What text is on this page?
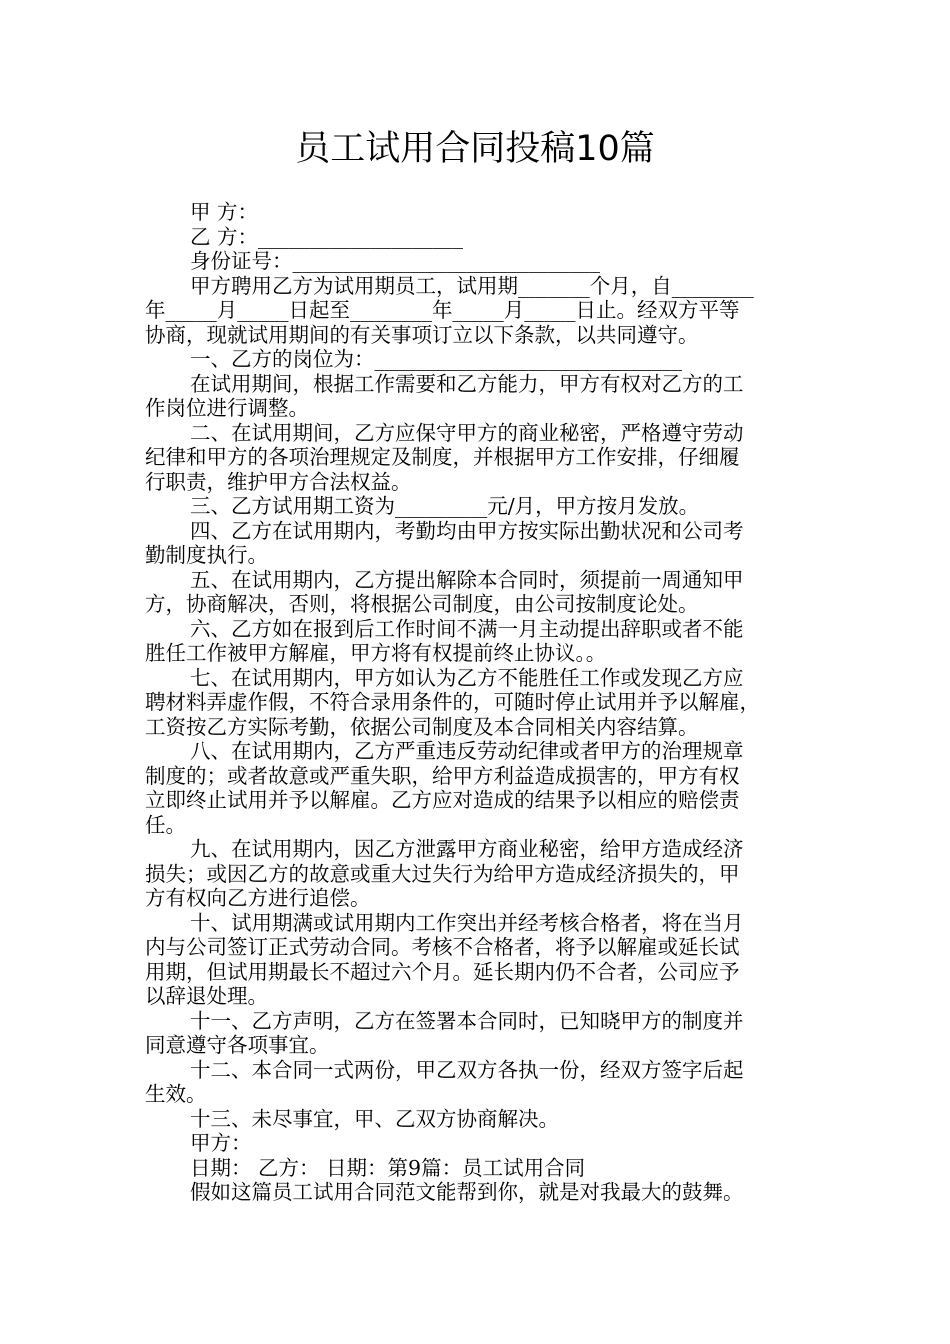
员工试用合同投稿10篇
甲 方：
乙 方：____________________
身份证号：______________________________
甲方聘用乙方为试用期员工，试用期_______个月，自________
年_____月_____日起至________年_____月_____日止。经双方平等
协商，现就试用期间的有关事项订立以下条款，以共同遵守。
一、乙方的岗位为：______________________________
在试用期间，根据工作需要和乙方能力，甲方有权对乙方的工
作岗位进行调整。
二、在试用期间，乙方应保守甲方的商业秘密，严格遵守劳动
纪律和甲方的各项治理规定及制度，并根据甲方工作安排，仔细履
行职责，维护甲方合法权益。
三、乙方试用期工资为_________元/月，甲方按月发放。
四、乙方在试用期内，考勤均由甲方按实际出勤状况和公司考
勤制度执行。
五、在试用期内，乙方提出解除本合同时，须提前一周通知甲
方，协商解决，否则，将根据公司制度，由公司按制度论处。
六、乙方如在报到后工作时间不满一月主动提出辞职或者不能
胜任工作被甲方解雇，甲方将有权提前终止协议。。
七、在试用期内，甲方如认为乙方不能胜任工作或发现乙方应
聘材料弄虚作假，不符合录用条件的，可随时停止试用并予以解雇，
工资按乙方实际考勤，依据公司制度及本合同相关内容结算。
八、在试用期内，乙方严重违反劳动纪律或者甲方的治理规章
制度的；或者故意或严重失职，给甲方利益造成损害的，甲方有权
立即终止试用并予以解雇。乙方应对造成的结果予以相应的赔偿责
任。
九、在试用期内，因乙方泄露甲方商业秘密，给甲方造成经济
损失；或因乙方的故意或重大过失行为给甲方造成经济损失的，甲
方有权向乙方进行追偿。
十、试用期满或试用期内工作突出并经考核合格者，将在当月
内与公司签订正式劳动合同。考核不合格者，将予以解雇或延长试
用期，但试用期最长不超过六个月。延长期内仍不合者，公司应予
以辞退处理。
十一、乙方声明，乙方在签署本合同时，已知晓甲方的制度并
同意遵守各项事宜。
十二、本合同一式两份，甲乙双方各执一份，经双方签字后起
生效。
十三、未尽事宜，甲、乙双方协商解决。
甲方：
日期： 乙方： 日期：第9篇：员工试用合同
假如这篇员工试用合同范文能帮到你，就是对我最大的鼓舞。
